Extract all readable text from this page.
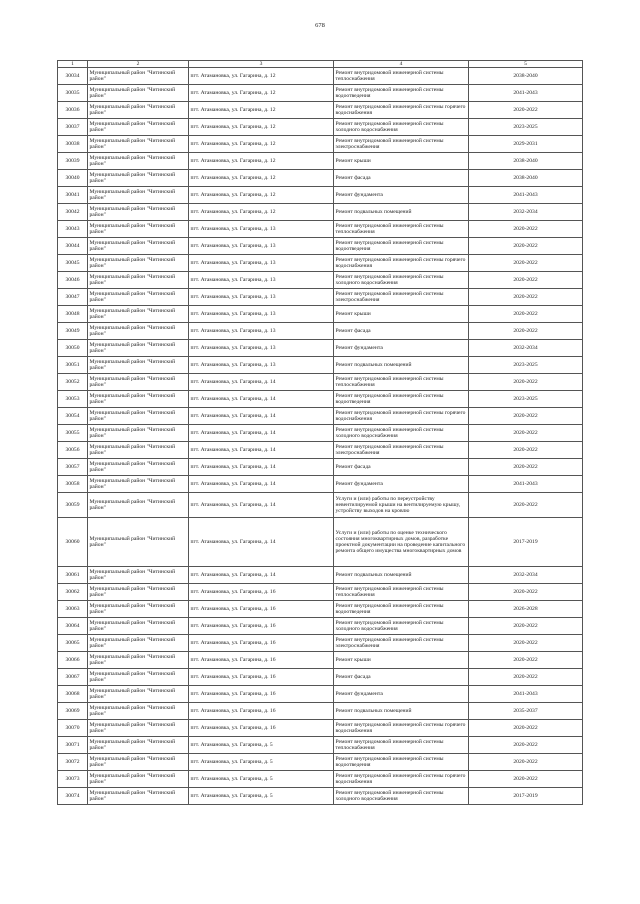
678
1	2	3	4	5
30034	Муниципальный район "Читинский район"	пгт. Атамановка, ул. Гагарина, д. 12	Ремонт внутридомовой инженерной системы теплоснабжения	2038-2040
30035	Муниципальный район "Читинский район"	пгт. Атамановка, ул. Гагарина, д. 12	Ремонт внутридомовой инженерной системы водоотведения	2041-2043
30036	Муниципальный район "Читинский район"	пгт. Атамановка, ул. Гагарина, д. 12	Ремонт внутридомовой инженерной системы горячего водоснабжения	2020-2022
30037	Муниципальный район "Читинский район"	пгт. Атамановка, ул. Гагарина, д. 12	Ремонт внутридомовой инженерной системы холодного водоснабжения	2023-2025
30038	Муниципальный район "Читинский район"	пгт. Атамановка, ул. Гагарина, д. 12	Ремонт внутридомовой инженерной системы электроснабжения	2029-2031
30039	Муниципальный район "Читинский район"	пгт. Атамановка, ул. Гагарина, д. 12	Ремонт крыши	2038-2040
30040	Муниципальный район "Читинский район"	пгт. Атамановка, ул. Гагарина, д. 12	Ремонт фасада	2038-2040
30041	Муниципальный район "Читинский район"	пгт. Атамановка, ул. Гагарина, д. 12	Ремонт фундамента	2041-2043
30042	Муниципальный район "Читинский район"	пгт. Атамановка, ул. Гагарина, д. 12	Ремонт подвальных помещений	2032-2034
30043	Муниципальный район "Читинский район"	пгт. Атамановка, ул. Гагарина, д. 13	Ремонт внутридомовой инженерной системы теплоснабжения	2020-2022
30044	Муниципальный район "Читинский район"	пгт. Атамановка, ул. Гагарина, д. 13	Ремонт внутридомовой инженерной системы водоотведения	2020-2022
30045	Муниципальный район "Читинский район"	пгт. Атамановка, ул. Гагарина, д. 13	Ремонт внутридомовой инженерной системы горячего водоснабжения	2020-2022
30046	Муниципальный район "Читинский район"	пгт. Атамановка, ул. Гагарина, д. 13	Ремонт внутридомовой инженерной системы холодного водоснабжения	2020-2022
30047	Муниципальный район "Читинский район"	пгт. Атамановка, ул. Гагарина, д. 13	Ремонт внутридомовой инженерной системы электроснабжения	2020-2022
30048	Муниципальный район "Читинский район"	пгт. Атамановка, ул. Гагарина, д. 13	Ремонт крыши	2020-2022
30049	Муниципальный район "Читинский район"	пгт. Атамановка, ул. Гагарина, д. 13	Ремонт фасада	2020-2022
30050	Муниципальный район "Читинский район"	пгт. Атамановка, ул. Гагарина, д. 13	Ремонт фундамента	2032-2034
30051	Муниципальный район "Читинский район"	пгт. Атамановка, ул. Гагарина, д. 13	Ремонт подвальных помещений	2023-2025
30052	Муниципальный район "Читинский район"	пгт. Атамановка, ул. Гагарина, д. 14	Ремонт внутридомовой инженерной системы теплоснабжения	2020-2022
30053	Муниципальный район "Читинский район"	пгт. Атамановка, ул. Гагарина, д. 14	Ремонт внутридомовой инженерной системы водоотведения	2023-2025
30054	Муниципальный район "Читинский район"	пгт. Атамановка, ул. Гагарина, д. 14	Ремонт внутридомовой инженерной системы горячего водоснабжения	2020-2022
30055	Муниципальный район "Читинский район"	пгт. Атамановка, ул. Гагарина, д. 14	Ремонт внутридомовой инженерной системы холодного водоснабжения	2020-2022
30056	Муниципальный район "Читинский район"	пгт. Атамановка, ул. Гагарина, д. 14	Ремонт внутридомовой инженерной системы электроснабжения	2020-2022
30057	Муниципальный район "Читинский район"	пгт. Атамановка, ул. Гагарина, д. 14	Ремонт фасада	2020-2022
30058	Муниципальный район "Читинский район"	пгт. Атамановка, ул. Гагарина, д. 14	Ремонт фундамента	2041-2043
30059	Муниципальный район "Читинский район"	пгт. Атамановка, ул. Гагарина, д. 14	Услуги и (или) работы по переустройству невентилируемой крыши на вентилируемую крышу, устройству выходов на кровлю	2020-2022
30060	Муниципальный район "Читинский район"	пгт. Атамановка, ул. Гагарина, д. 14	Услуги и (или) работы по оценке технического состояния многоквартирных домов, разработке проектной документации на проведение капитального ремонта общего имущества многоквартирных домов	2017-2019
30061	Муниципальный район "Читинский район"	пгт. Атамановка, ул. Гагарина, д. 14	Ремонт подвальных помещений	2032-2034
30062	Муниципальный район "Читинский район"	пгт. Атамановка, ул. Гагарина, д. 16	Ремонт внутридомовой инженерной системы теплоснабжения	2020-2022
30063	Муниципальный район "Читинский район"	пгт. Атамановка, ул. Гагарина, д. 16	Ремонт внутридомовой инженерной системы водоотведения	2026-2028
30064	Муниципальный район "Читинский район"	пгт. Атамановка, ул. Гагарина, д. 16	Ремонт внутридомовой инженерной системы холодного водоснабжения	2020-2022
30065	Муниципальный район "Читинский район"	пгт. Атамановка, ул. Гагарина, д. 16	Ремонт внутридомовой инженерной системы электроснабжения	2020-2022
30066	Муниципальный район "Читинский район"	пгт. Атамановка, ул. Гагарина, д. 16	Ремонт крыши	2020-2022
30067	Муниципальный район "Читинский район"	пгт. Атамановка, ул. Гагарина, д. 16	Ремонт фасада	2020-2022
30068	Муниципальный район "Читинский район"	пгт. Атамановка, ул. Гагарина, д. 16	Ремонт фундамента	2041-2043
30069	Муниципальный район "Читинский район"	пгт. Атамановка, ул. Гагарина, д. 16	Ремонт подвальных помещений	2035-2037
30070	Муниципальный район "Читинский район"	пгт. Атамановка, ул. Гагарина, д. 16	Ремонт внутридомовой инженерной системы горячего водоснабжения	2020-2022
30071	Муниципальный район "Читинский район"	пгт. Атамановка, ул. Гагарина, д. 5	Ремонт внутридомовой инженерной системы теплоснабжения	2020-2022
30072	Муниципальный район "Читинский район"	пгт. Атамановка, ул. Гагарина, д. 5	Ремонт внутридомовой инженерной системы водоотведения	2020-2022
30073	Муниципальный район "Читинский район"	пгт. Атамановка, ул. Гагарина, д. 5	Ремонт внутридомовой инженерной системы горячего водоснабжения	2020-2022
30074	Муниципальный район "Читинский район"	пгт. Атамановка, ул. Гагарина, д. 5	Ремонт внутридомовой инженерной системы холодного водоснабжения	2017-2019
